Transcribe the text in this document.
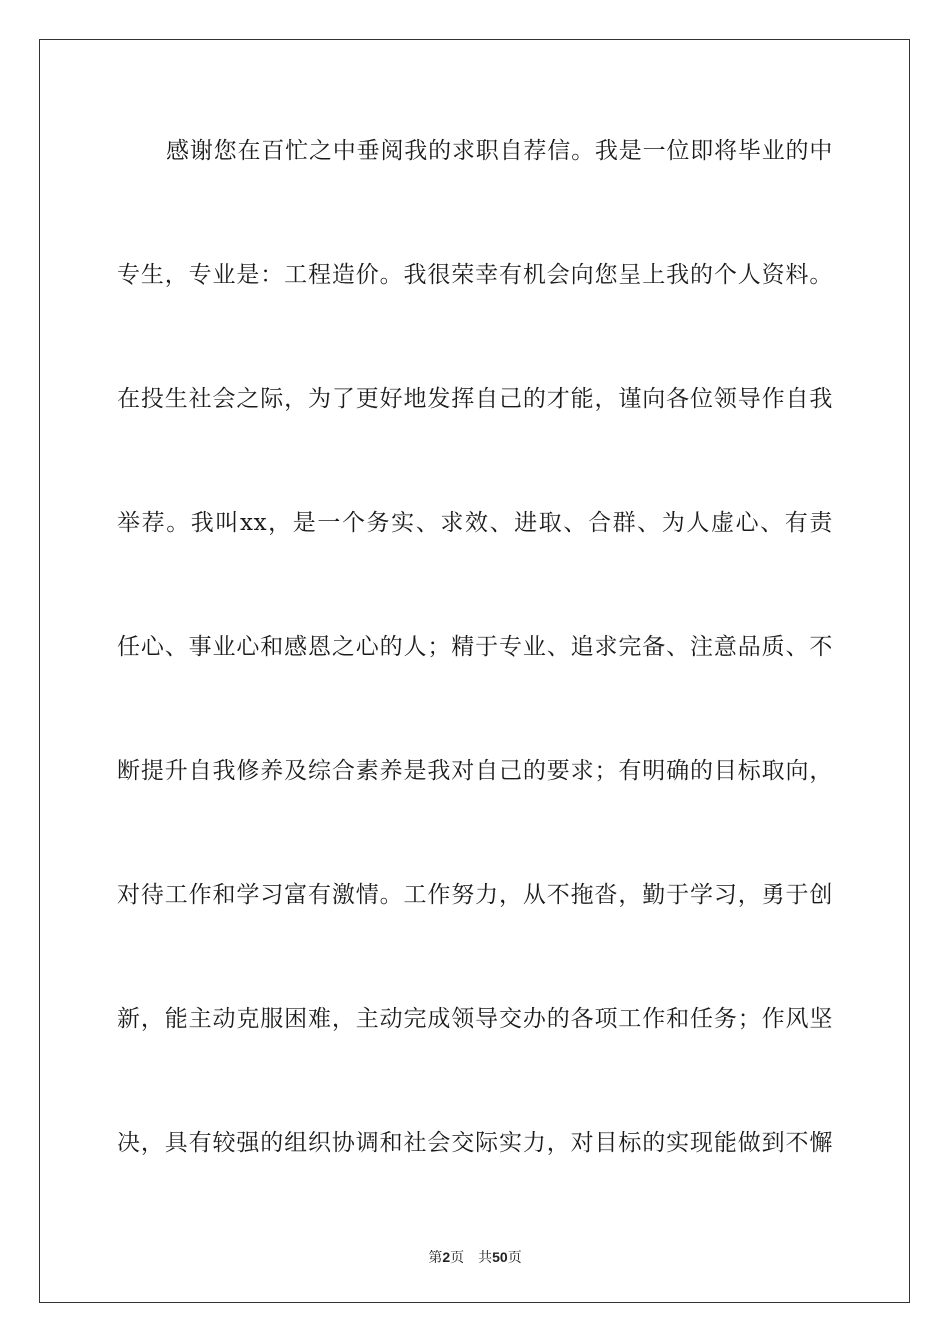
感谢您在百忙之中垂阅我的求职自荐信。我是一位即将毕业的中
专生，专业是：工程造价。我很荣幸有机会向您呈上我的个人资料。
在投生社会之际，为了更好地发挥自己的才能，谨向各位领导作自我
举荐。我叫xx，是一个务实、求效、进取、合群、为人虚心、有责
任心、事业心和感恩之心的人；精于专业、追求完备、注意品质、不
断提升自我修养及综合素养是我对自己的要求；有明确的目标取向，
对待工作和学习富有激情。工作努力，从不拖沓，勤于学习，勇于创
新，能主动克服困难，主动完成领导交办的各项工作和任务；作风坚
决，具有较强的组织协调和社会交际实力，对目标的实现能做到不懈
第2页 共50页
